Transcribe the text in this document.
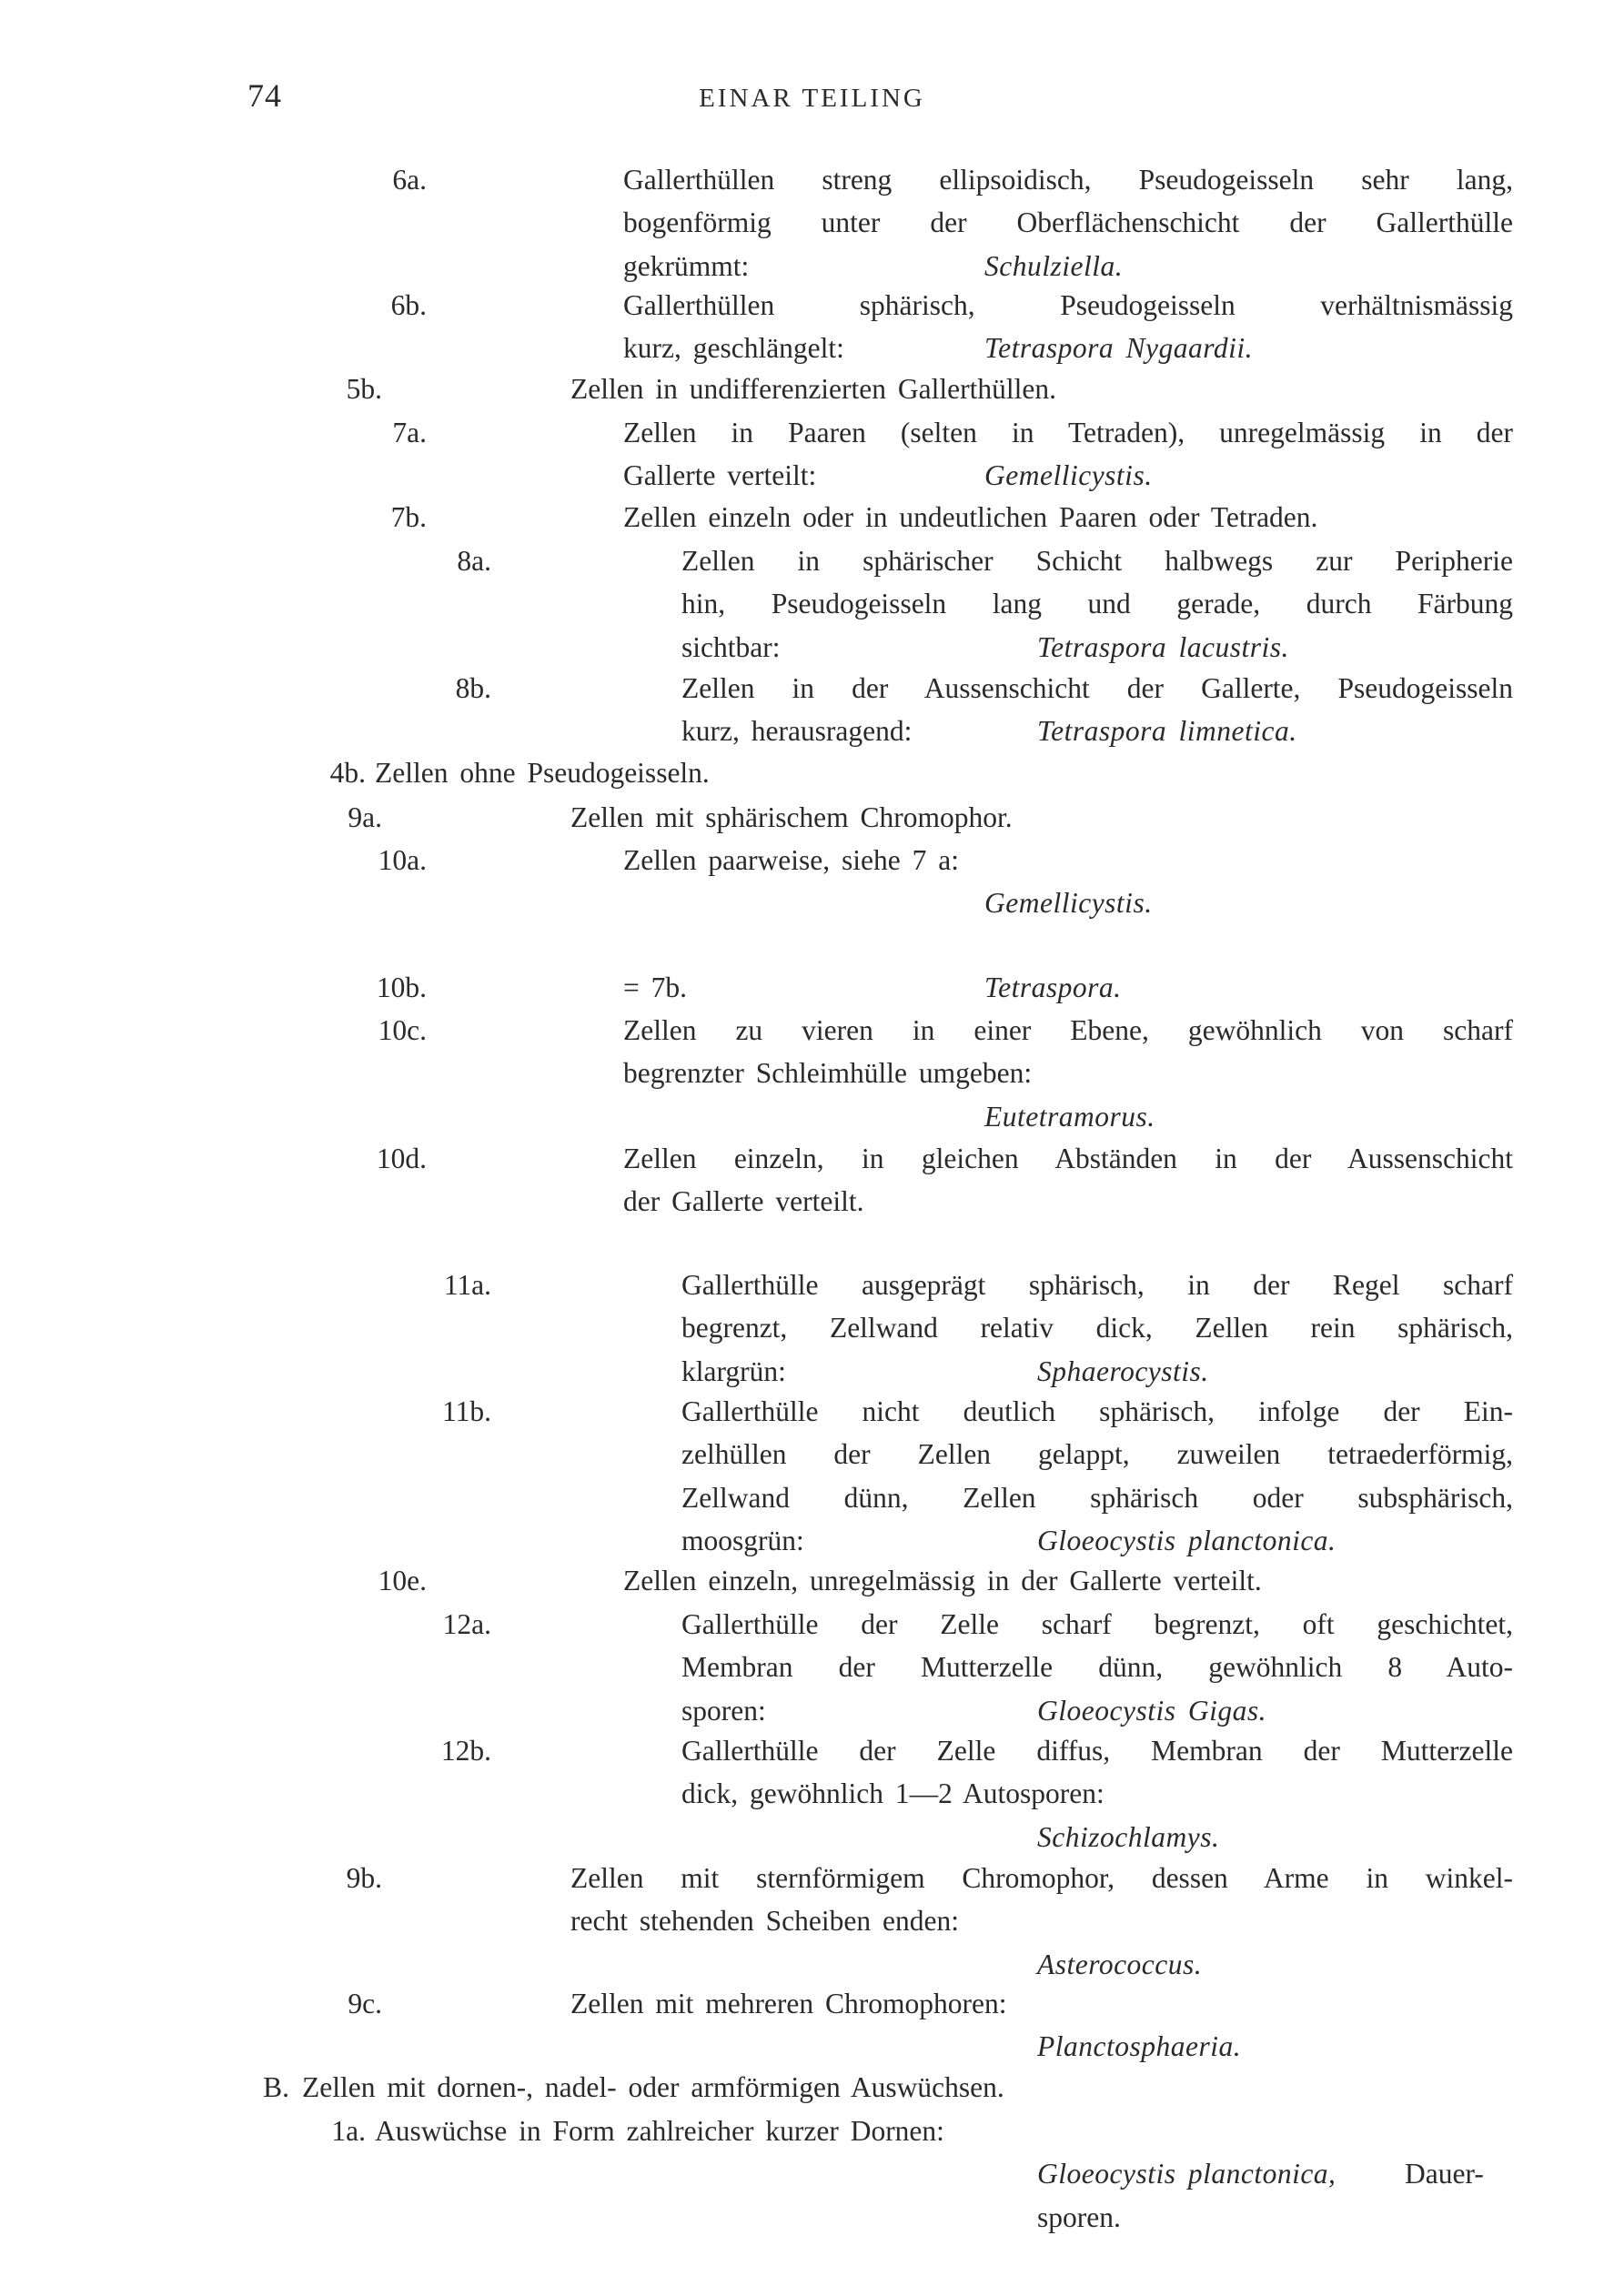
74	EINAR TEILING
6a.	Gallerthüllen streng ellipsoidisch, Pseudogeisseln sehr lang,
bogenförmig unter der Oberflächenschicht der Gallerthülle
gekrümmt:	Schulziella.
6b.	Gallerthüllen sphärisch, Pseudogeisseln verhältnismässig
kurz, geschlängelt:	Tetraspora Nygaardii.
5b.	Zellen in undifferenzierten Gallerthüllen.
7a.	Zellen in Paaren (selten in Tetraden), unregelmässig in der
Gallerte verteilt:	Gemellicystis.
7b.	Zellen einzeln oder in undeutlichen Paaren oder Tetraden.
8a.	Zellen in sphärischer Schicht halbwegs zur Peripherie
hin, Pseudogeisseln lang und gerade, durch Färbung
sichtbar:	Tetraspora lacustris.
8b.	Zellen in der Aussenschicht der Gallerte, Pseudogeisseln
kurz, herausragend:	Tetraspora limnetica.
4b. Zellen ohne Pseudogeisseln.
9a.	Zellen mit sphärischem Chromophor.
10a.	Zellen paarweise, siehe 7 a:
Gemellicystis.
10b.	= 7b.	Tetraspora.
10c.	Zellen zu vieren in einer Ebene, gewöhnlich von scharf
begrenzter Schleimhülle umgeben:
Eutetramorus.
10d.	Zellen einzeln, in gleichen Abständen in der Aussenschicht
der Gallerte verteilt.
11a.	Gallerthülle ausgeprägt sphärisch, in der Regel scharf
begrenzt, Zellwand relativ dick, Zellen rein sphärisch,
klargrün:	Sphaerocystis.
11b.	Gallerthülle nicht deutlich sphärisch, infolge der Ein-
zelhüllen der Zellen gelappt, zuweilen tetraederförmig,
Zellwand dünn, Zellen sphärisch oder subsphärisch,
moosgrün:	Gloeocystis planctonica.
10e.	Zellen einzeln, unregelmässig in der Gallerte verteilt.
12a.	Gallerthülle der Zelle scharf begrenzt, oft geschichtet,
Membran der Mutterzelle dünn, gewöhnlich 8 Auto-
sporen:	Gloeocystis Gigas.
12b.	Gallerthülle der Zelle diffus, Membran der Mutterzelle
dick, gewöhnlich 1—2 Autosporen:
Schizochlamys.
9b.	Zellen mit sternförmigem Chromophor, dessen Arme in winkel-
recht stehenden Scheiben enden:
Asterococcus.
9c.	Zellen mit mehreren Chromophoren:
Planctosphaeria.
B. Zellen mit dornen-, nadel- oder armförmigen Auswüchsen.
1a. Auswüchse in Form zahlreicher kurzer Dornen:
Gloeocystis planctonica, Dauer-
sporen.
